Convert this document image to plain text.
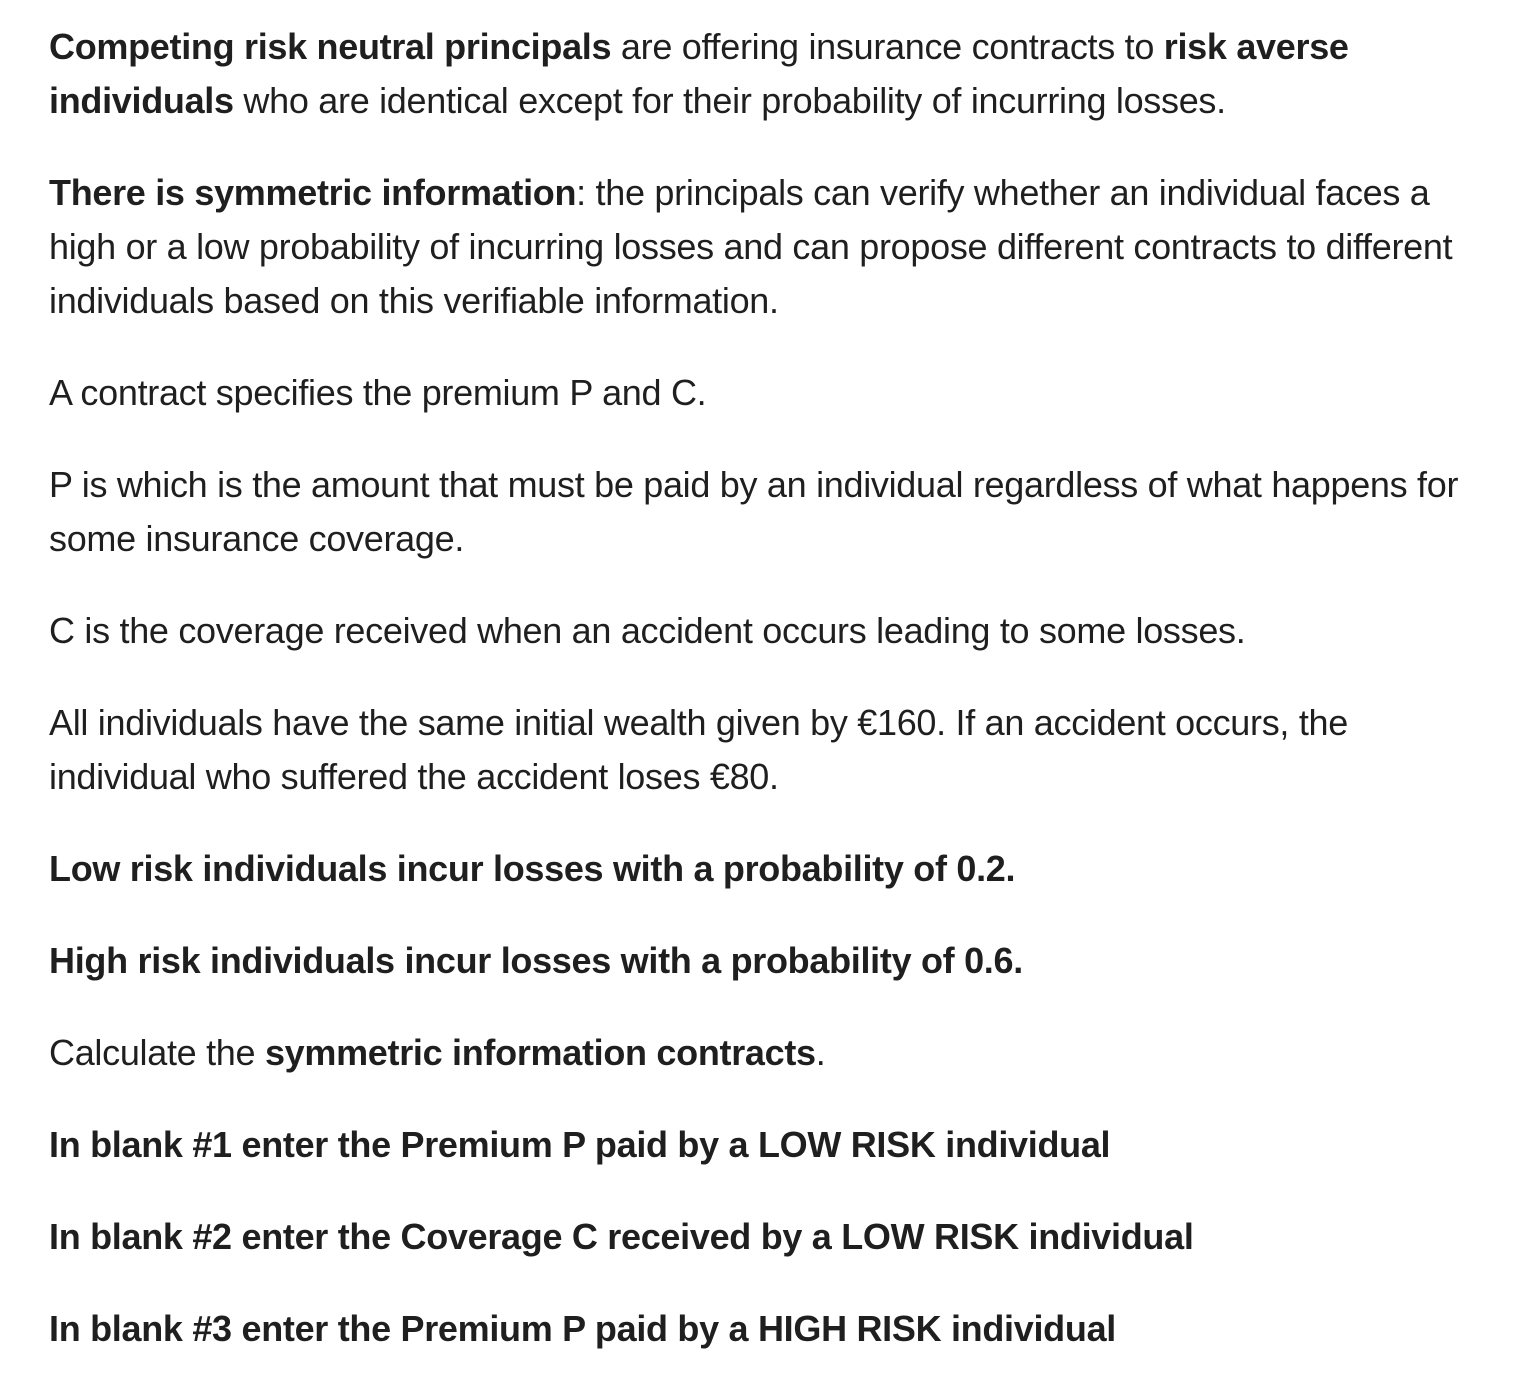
Competing risk neutral principals are offering insurance contracts to risk averse individuals who are identical except for their probability of incurring losses.

There is symmetric information: the principals can verify whether an individual faces a high or a low probability of incurring losses and can propose different contracts to different individuals based on this verifiable information.

A contract specifies the premium P and C.

P is which is the amount that must be paid by an individual regardless of what happens for some insurance coverage.

C is the coverage received when an accident occurs leading to some losses.

All individuals have the same initial wealth given by €160. If an accident occurs, the individual who suffered the accident loses €80.

Low risk individuals incur losses with a probability of 0.2.

High risk individuals incur losses with a probability of 0.6.

Calculate the symmetric information contracts.

In blank #1 enter the Premium P paid by a LOW RISK individual

In blank #2 enter the Coverage C received by a LOW RISK individual

In blank #3 enter the Premium P paid by a HIGH RISK individual
